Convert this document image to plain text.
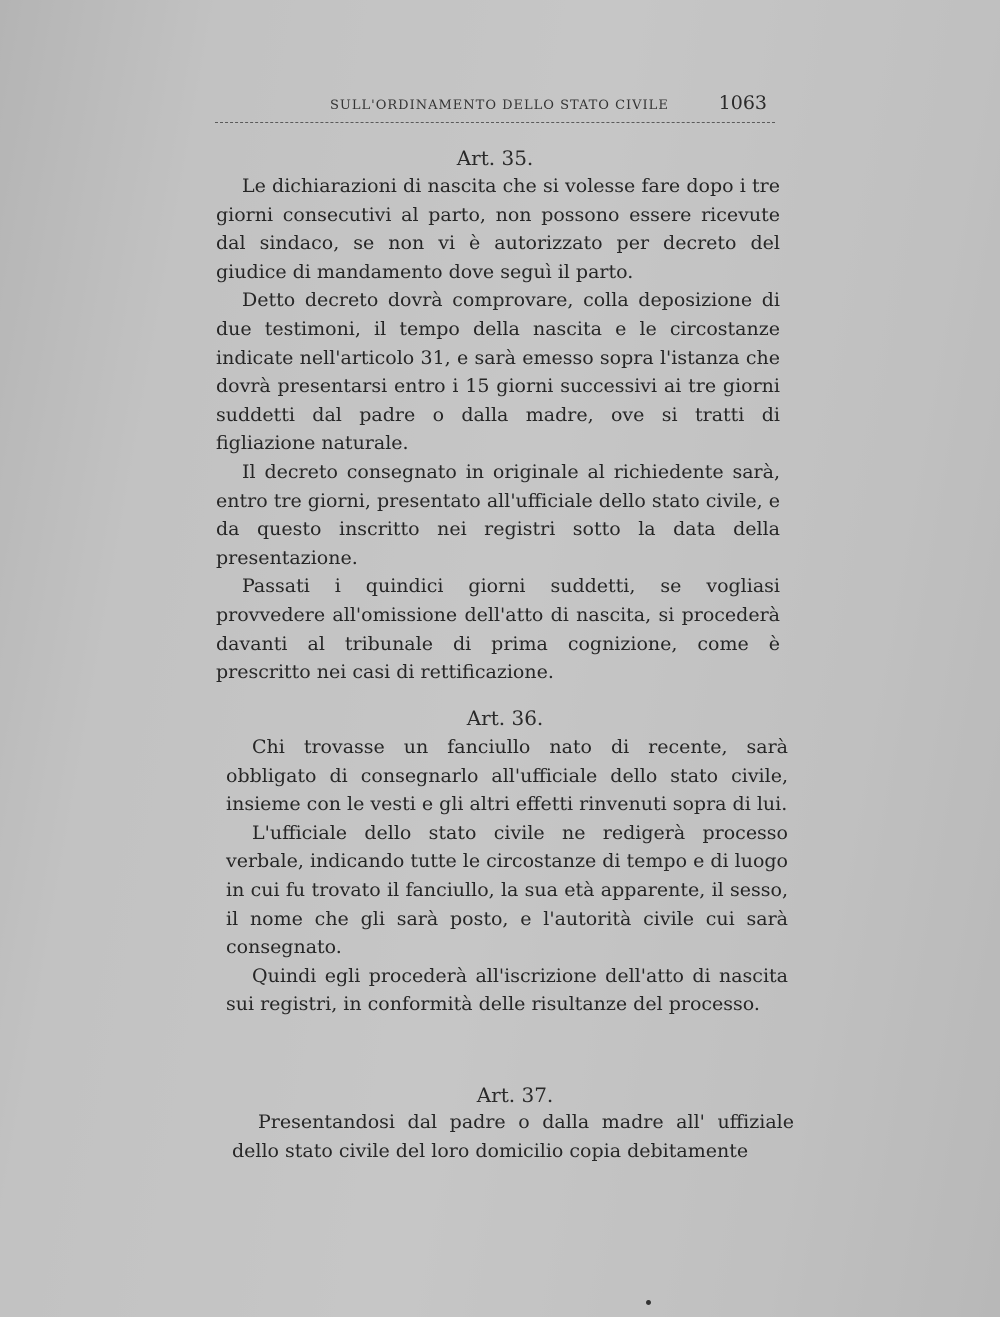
SULL'ORDINAMENTO DELLO STATO CIVILE	1063
Art. 35.

Le dichiarazioni di nascita che si volesse fare dopo i tre giorni consecutivi al parto, non possono essere ricevute dal sindaco, se non vi è autorizzato per decreto del giudice di mandamento dove seguì il parto.

Detto decreto dovrà comprovare, colla deposizione di due testimoni, il tempo della nascita e le circostanze indicate nell'articolo 31, e sarà emesso sopra l'istanza che dovrà presentarsi entro i 15 giorni successivi ai tre giorni suddetti dal padre o dalla madre, ove si tratti di figliazione naturale.

Il decreto consegnato in originale al richiedente sarà, entro tre giorni, presentato all'ufficiale dello stato civile, e da questo inscritto nei registri sotto la data della presentazione.

Passati i quindici giorni suddetti, se vogliasi provvedere all'omissione dell'atto di nascita, si procederà davanti al tribunale di prima cognizione, come è prescritto nei casi di rettificazione.

Art. 36.

Chi trovasse un fanciullo nato di recente, sarà obbligato di consegnarlo all'ufficiale dello stato civile, insieme con le vesti e gli altri effetti rinvenuti sopra di lui.

L'ufficiale dello stato civile ne redigerà processo verbale, indicando tutte le circostanze di tempo e di luogo in cui fu trovato il fanciullo, la sua età apparente, il sesso, il nome che gli sarà posto, e l'autorità civile cui sarà consegnato.

Quindi egli procederà all'iscrizione dell'atto di nascita sui registri, in conformità delle risultanze del processo.

Art. 37.

Presentandosi dal padre o dalla madre all' uffiziale dello stato civile del loro domicilio copia debitamente
